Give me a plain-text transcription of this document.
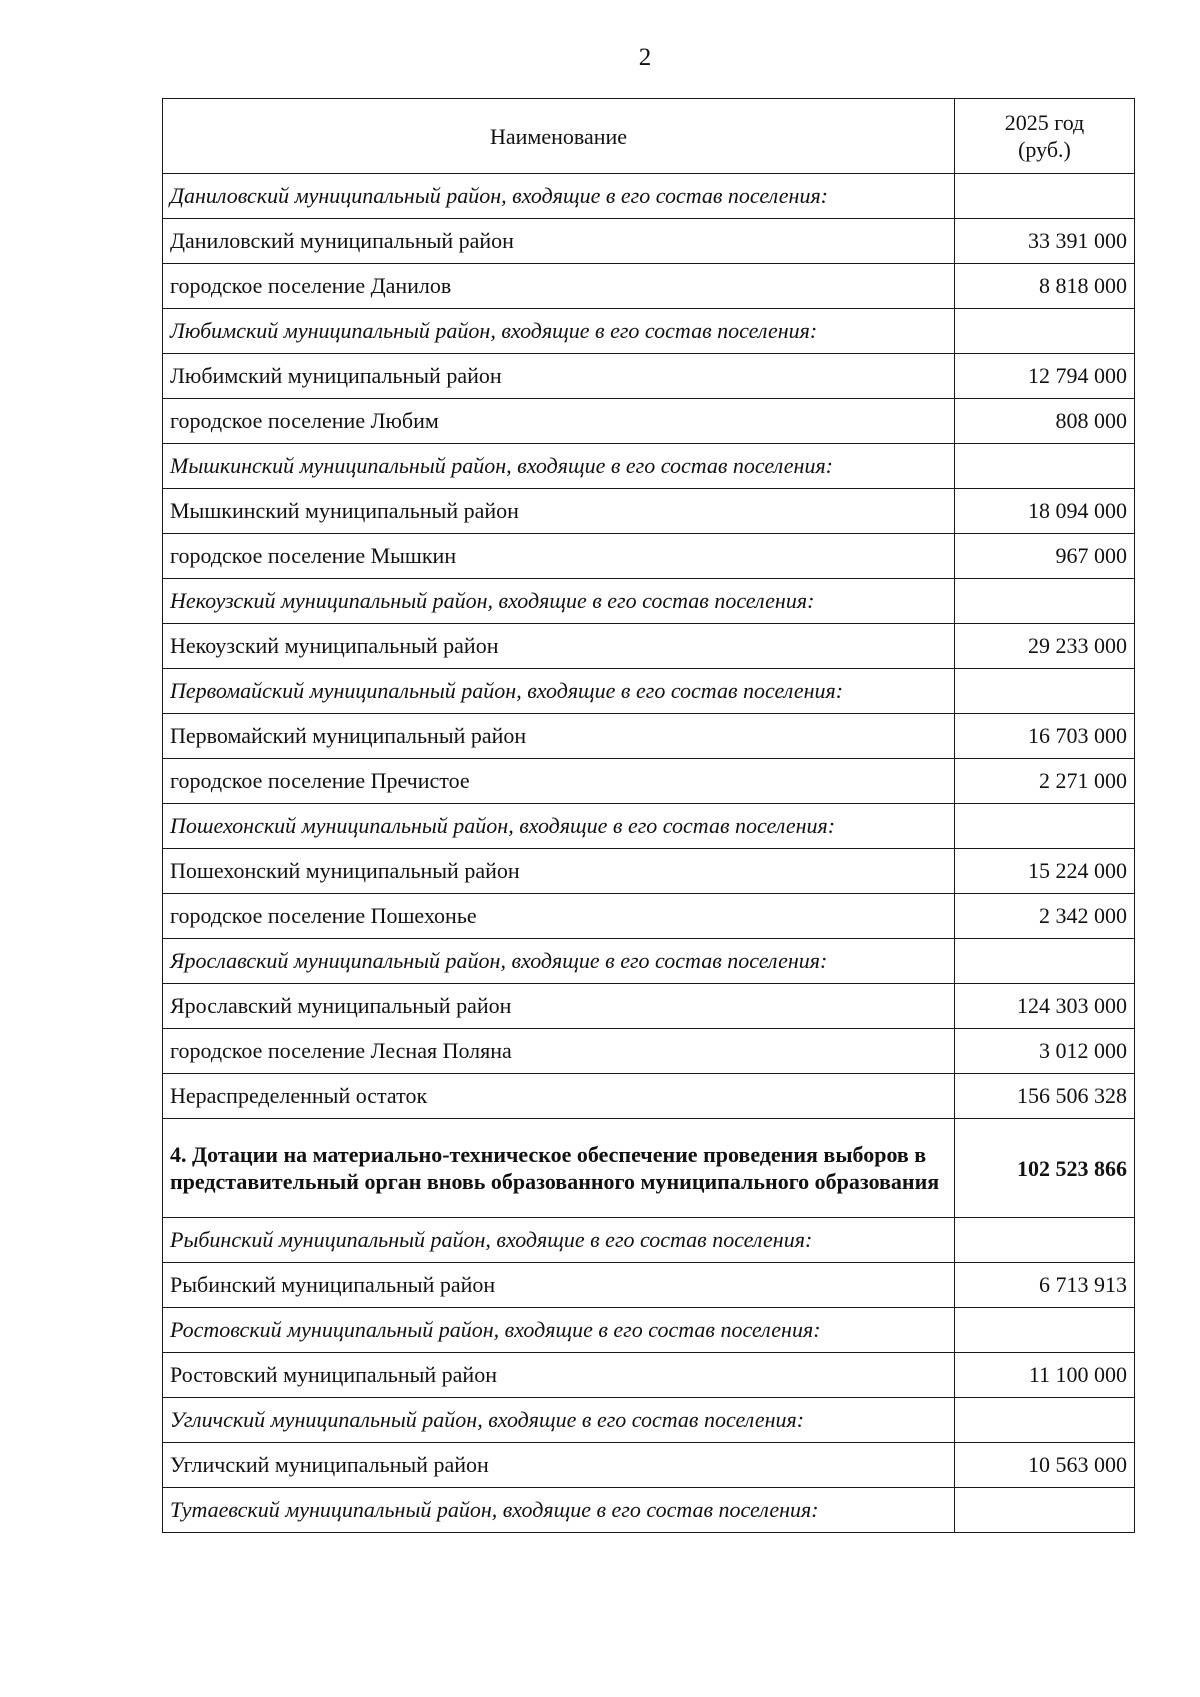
2
Наименование	2025 год
(руб.)
Даниловский муниципальный район, входящие в его состав поселения:	
Даниловский муниципальный район	33 391 000
городское поселение Данилов	8 818 000
Любимский муниципальный район, входящие в его состав поселения:	
Любимский муниципальный район	12 794 000
городское поселение Любим	808 000
Мышкинский муниципальный район, входящие в его состав поселения:	
Мышкинский муниципальный район	18 094 000
городское поселение Мышкин	967 000
Некоузский муниципальный район, входящие в его состав поселения:	
Некоузский муниципальный район	29 233 000
Первомайский муниципальный район, входящие в его состав поселения:	
Первомайский муниципальный район	16 703 000
городское поселение Пречистое	2 271 000
Пошехонский муниципальный район, входящие в его состав поселения:	
Пошехонский муниципальный район	15 224 000
городское поселение Пошехонье	2 342 000
Ярославский муниципальный район, входящие в его состав поселения:	
Ярославский муниципальный район	124 303 000
городское поселение Лесная Поляна	3 012 000
Нераспределенный остаток	156 506 328
4. Дотации на материально-техническое обеспечение проведения выборов в представительный орган вновь образованного муниципального образования	102 523 866
Рыбинский муниципальный район, входящие в его состав поселения:	
Рыбинский муниципальный район	6 713 913
Ростовский муниципальный район, входящие в его состав поселения:	
Ростовский муниципальный район	11 100 000
Угличский муниципальный район, входящие в его состав поселения:	
Угличский муниципальный район	10 563 000
Тутаевский муниципальный район, входящие в его состав поселения:	
